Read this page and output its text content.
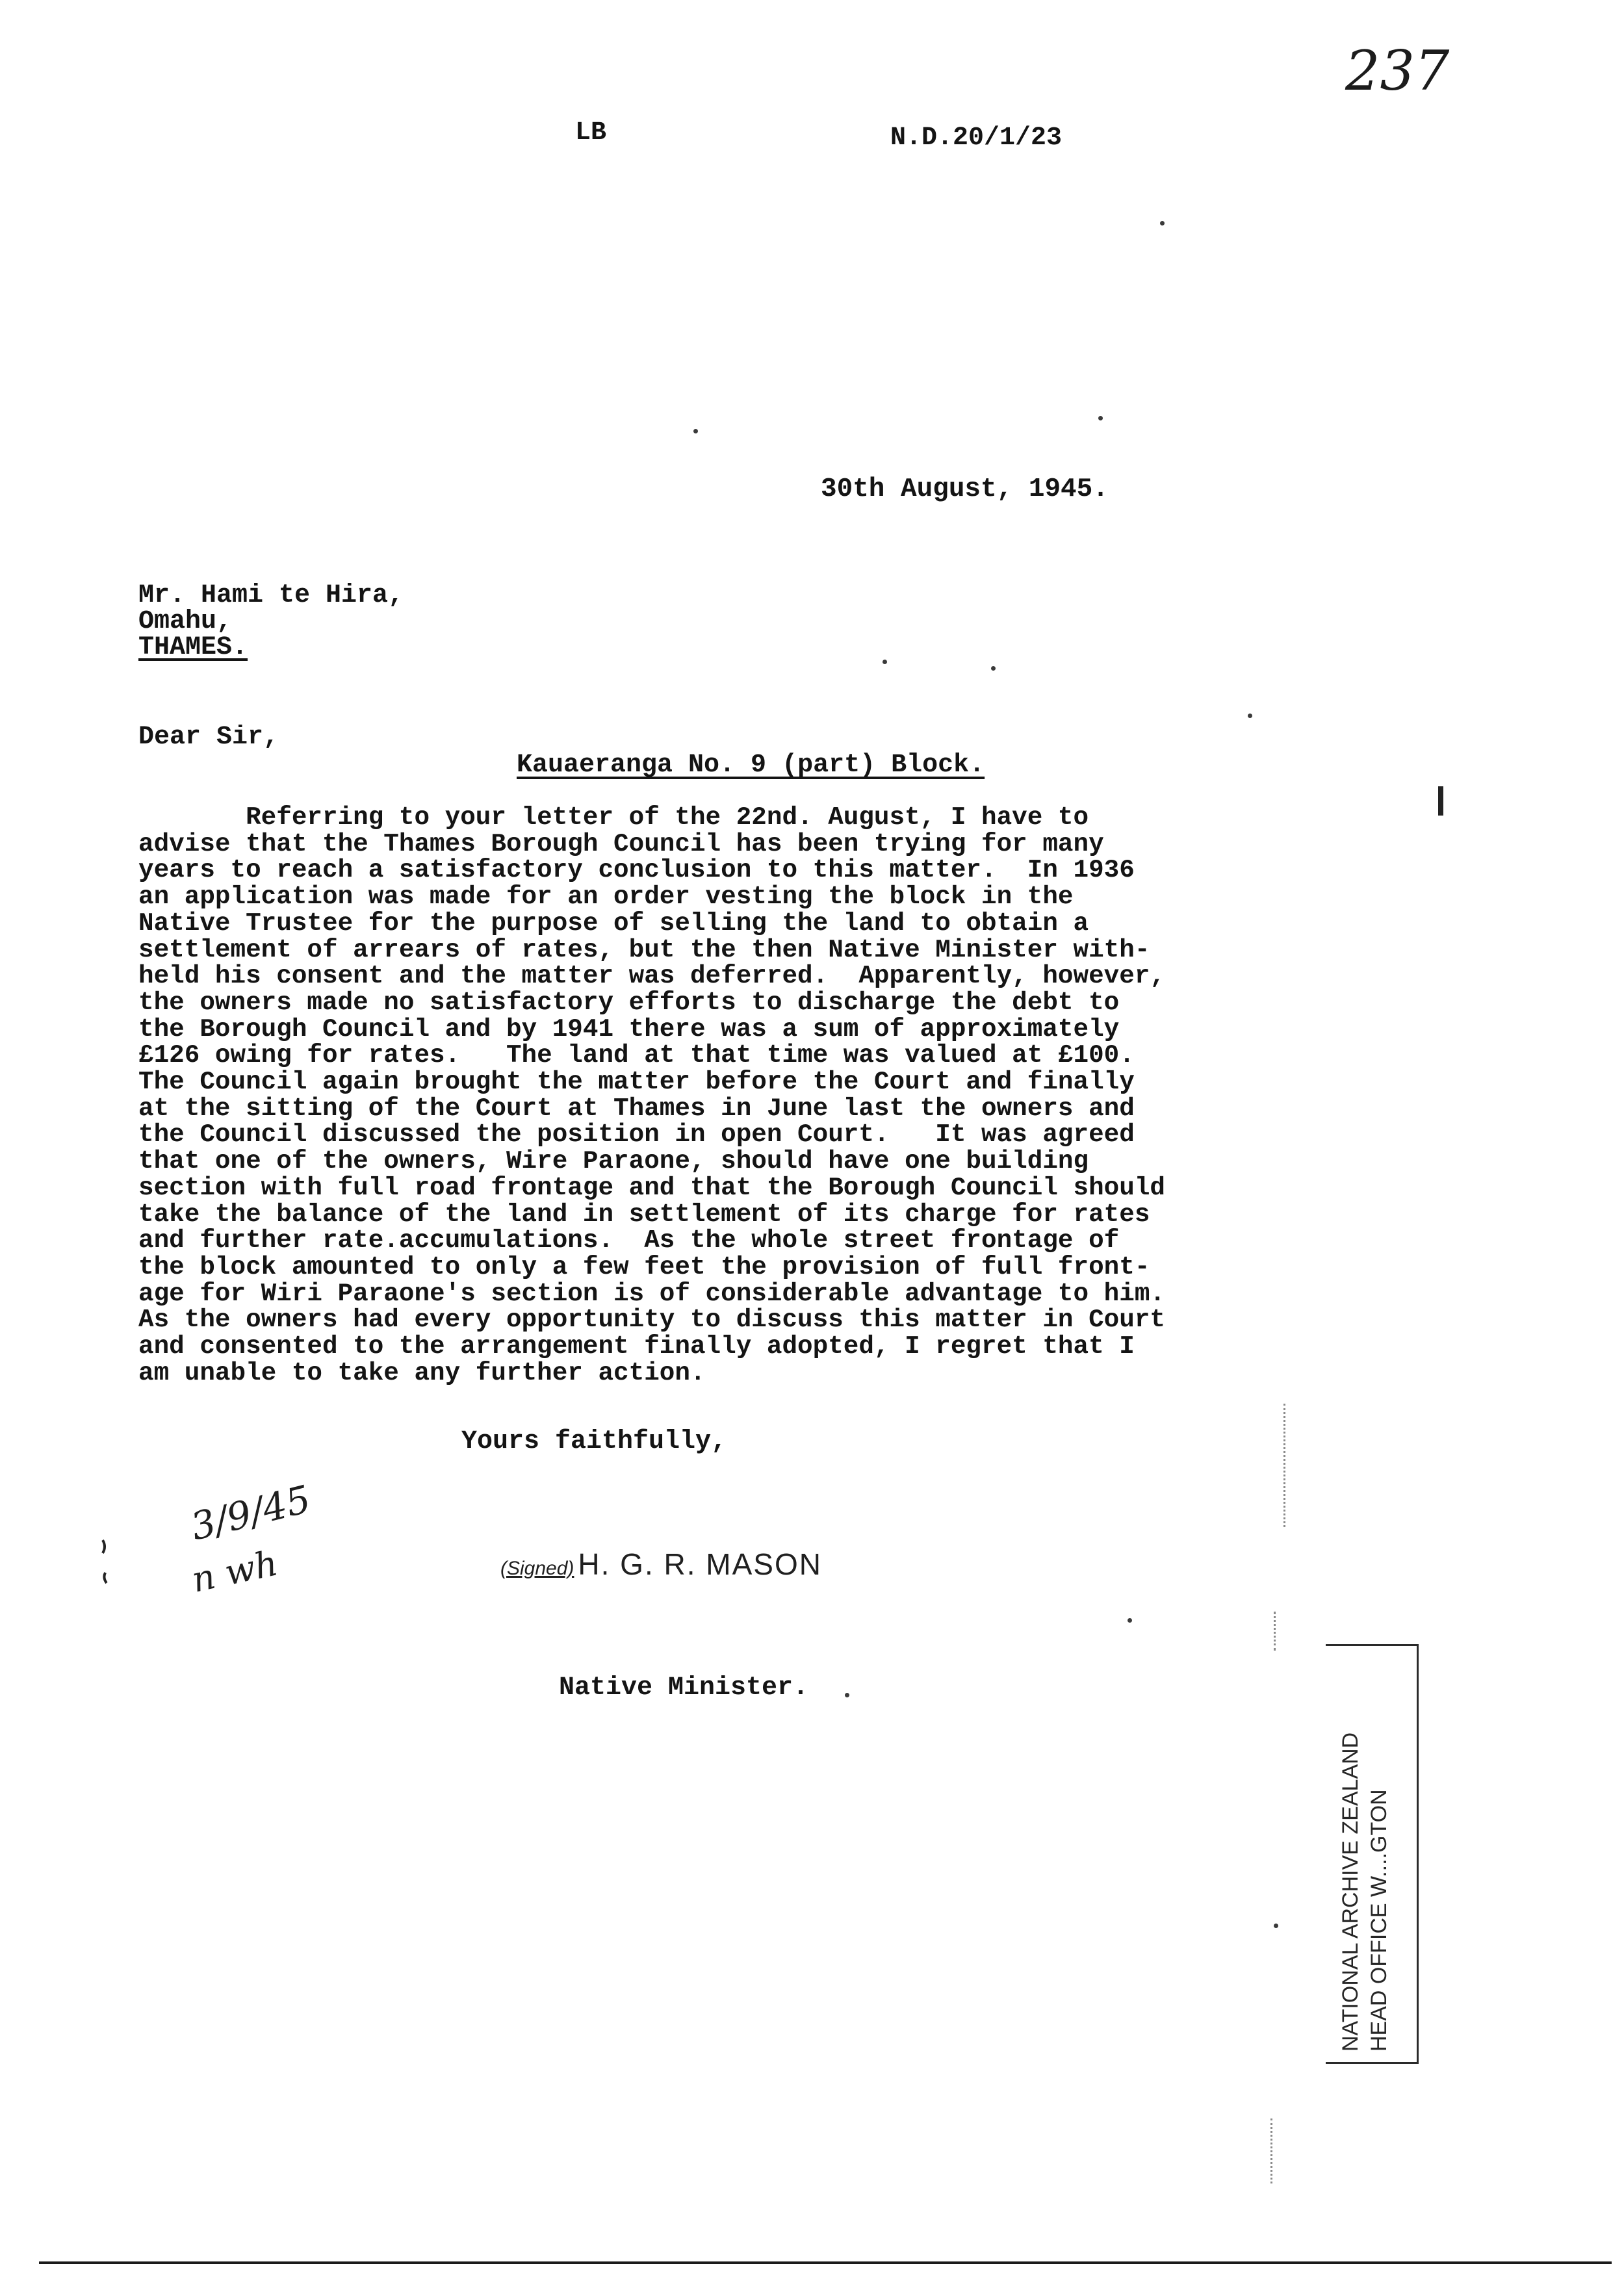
237
LB	N.D.20/1/23
30th August, 1945.
Mr. Hami te Hira,
Omahu,
THAMES.
Dear Sir,
Kauaeranga No. 9 (part) Block.
Referring to your letter of the 22nd. August, I have to
advise that the Thames Borough Council has been trying for many
years to reach a satisfactory conclusion to this matter.  In 1936
an application was made for an order vesting the block in the
Native Trustee for the purpose of selling the land to obtain a
settlement of arrears of rates, but the then Native Minister with-
held his consent and the matter was deferred.  Apparently, however,
the owners made no satisfactory efforts to discharge the debt to
the Borough Council and by 1941 there was a sum of approximately
£126 owing for rates.   The land at that time was valued at £100.
The Council again brought the matter before the Court and finally
at the sitting of the Court at Thames in June last the owners and
the Council discussed the position in open Court.   It was agreed
that one of the owners, Wire Paraone, should have one building
section with full road frontage and that the Borough Council should
take the balance of the land in settlement of its charge for rates
and further rate.accumulations.  As the whole street frontage of
the block amounted to only a few feet the provision of full front-
age for Wiri Paraone's section is of considerable advantage to him.
As the owners had every opportunity to discuss this matter in Court
and consented to the arrangement finally adopted, I regret that I
am unable to take any further action.
Yours faithfully,
(Signed) H. G. R. MASON
Native Minister.
3/9/45
n wh
NATIONAL ARCHIVE ZEALAND HEAD OFFICE W....GTON
